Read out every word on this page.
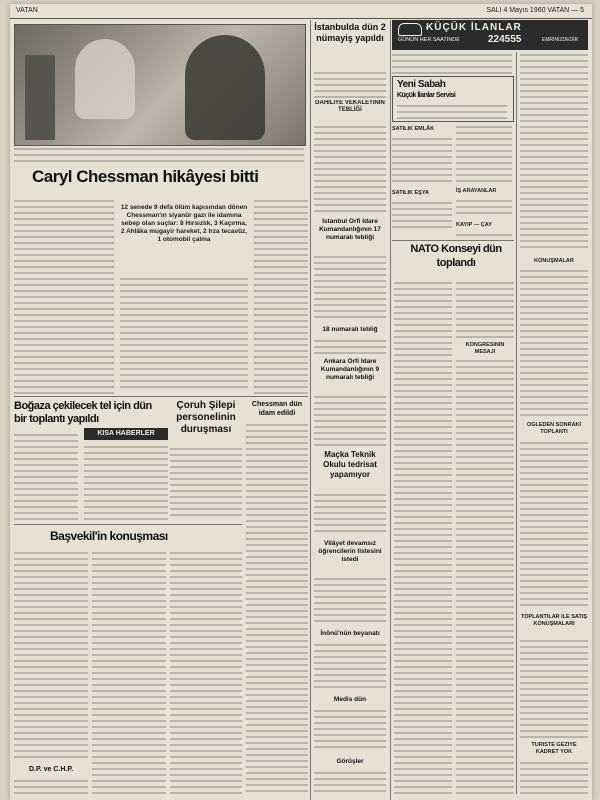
VATAN	SALI 4 Mayıs 1960 VATAN — 5
Caryl Chessman hikâyesi bitti
12 senede 9 defa ölüm kapısından dönen Chessman'ın siyanür gazı ile idamına sebep olan suçlar: 8 Hırsızlık, 3 Kaçırma, 2 Ahlâka mugayir hareket, 2 Irza tecavüz, 1 otomobil çalma
Boğaza çekilecek tel için dün bir toplantı yapıldı
KISA HABERLER
Çoruh Şilepi personelinin duruşması
Chessman dün idam edildi
Başvekil'in konuşması
D.P. ve C.H.P.
İstanbulda dün 2 nümayiş yapıldı
DAHİLİYE VEKÂLETİNİN TEBLİĞİ
İstanbul Örfi İdare Kumandanlığının 17 numaralı tebliği
18 numaralı tebliğ
Ankara Örfi İdare Kumandanlığının 9 numaralı tebliği
Maçka Teknik Okulu tedrisat yapamıyor
Vilâyet devamsız öğrencilerin listesini istedi
İnönü'nün beyanatı
Medis dün
Görüşler
KÜÇÜK İLANLAR
GÜNÜN HER SAATİNDE	224555	EMRİNİZDEDİR
Yeni Sabah
Küçük İlanlar Servisi
SATILIK EMLÂK
SATILIK EŞYA	İŞ ARAYANLAR
KAYIP — ÇAY
NATO Konseyi dün toplandı
KONGRESİNİN MESAJI
KONUŞMALAR
ÖĞLEDEN SONRAKİ TOPLANTI
TOPLANTILAR İLE SATIŞ KONUŞMALARI
TURİSTE GEZİYE KADRET YOK
